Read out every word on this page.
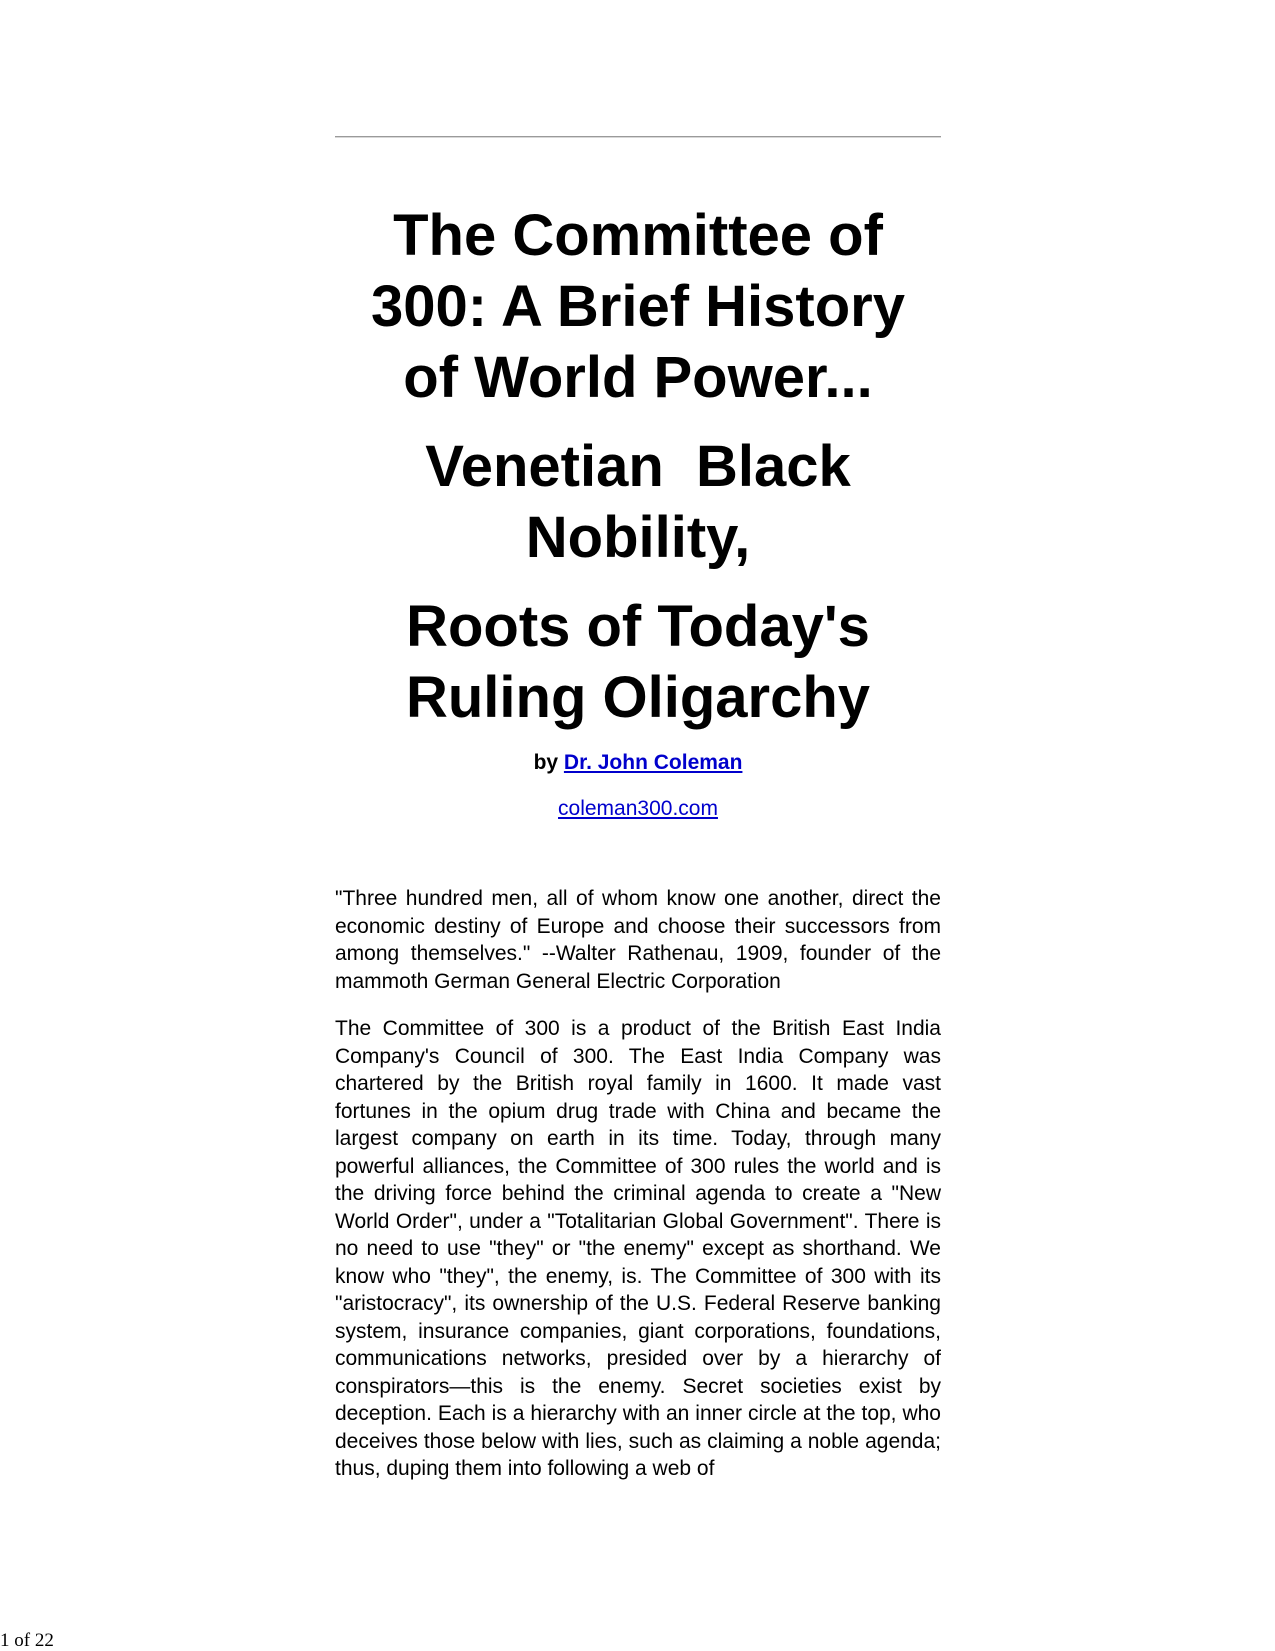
The Committee of

300: A Brief History

of World Power...

Venetian  Black

Nobility,

Roots of Today's

Ruling Oligarchy

by Dr. John Coleman
coleman300.com

"Three hundred men, all of whom know one another, direct the economic destiny of Europe and choose their successors from among themselves." --Walter Rathenau, 1909, founder of the mammoth German General Electric Corporation

The Committee of 300 is a product of the British East India Company's Council of 300. The East India Company was chartered by the British royal family in 1600. It made vast fortunes in the opium drug trade with China and became the largest company on earth in its time. Today, through many powerful alliances, the Committee of 300 rules the world and is the driving force behind the criminal agenda to create a "New World Order", under a "Totalitarian Global Government". There is no need to use "they" or "the enemy" except as shorthand. We know who "they", the enemy, is. The Committee of 300 with its "aristocracy", its ownership of the U.S. Federal Reserve banking system, insurance companies, giant corporations, foundations, communications networks, presided over by a hierarchy of conspirators—this is the enemy. Secret societies exist by deception. Each is a hierarchy with an inner circle at the top, who deceives those below with lies, such as claiming a noble agenda; thus, duping them into following a web of

1 of 22
